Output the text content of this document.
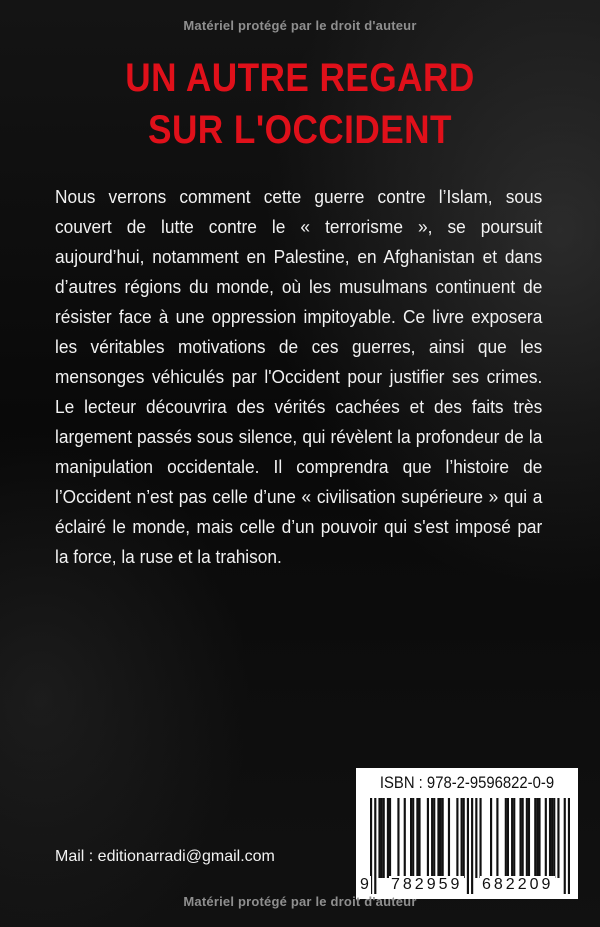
Matériel protégé par le droit d'auteur
UN AUTRE REGARD
SUR L'OCCIDENT
Nous verrons comment cette guerre contre l’Islam, sous couvert de lutte contre le « terrorisme », se poursuit aujourd’hui, notamment en Palestine, en Afghanistan et dans d’autres régions du monde, où les musulmans continuent de résister face à une oppression impitoyable. Ce livre exposera les véritables motivations de ces guerres, ainsi que les mensonges véhiculés par l'Occident pour justifier ses crimes. Le lecteur découvrira des vérités cachées et des faits très largement passés sous silence, qui révèlent la profondeur de la manipulation occidentale. Il comprendra que l’histoire de l’Occident n’est pas celle d’une « civilisation supérieure » qui a éclairé le monde, mais celle d’un pouvoir qui s'est imposé par la force, la ruse et la trahison.
Mail : editionarradi@gmail.com
ISBN : 978-2-9596822-0-9
9 782959 682209
Matériel protégé par le droit d'auteur
